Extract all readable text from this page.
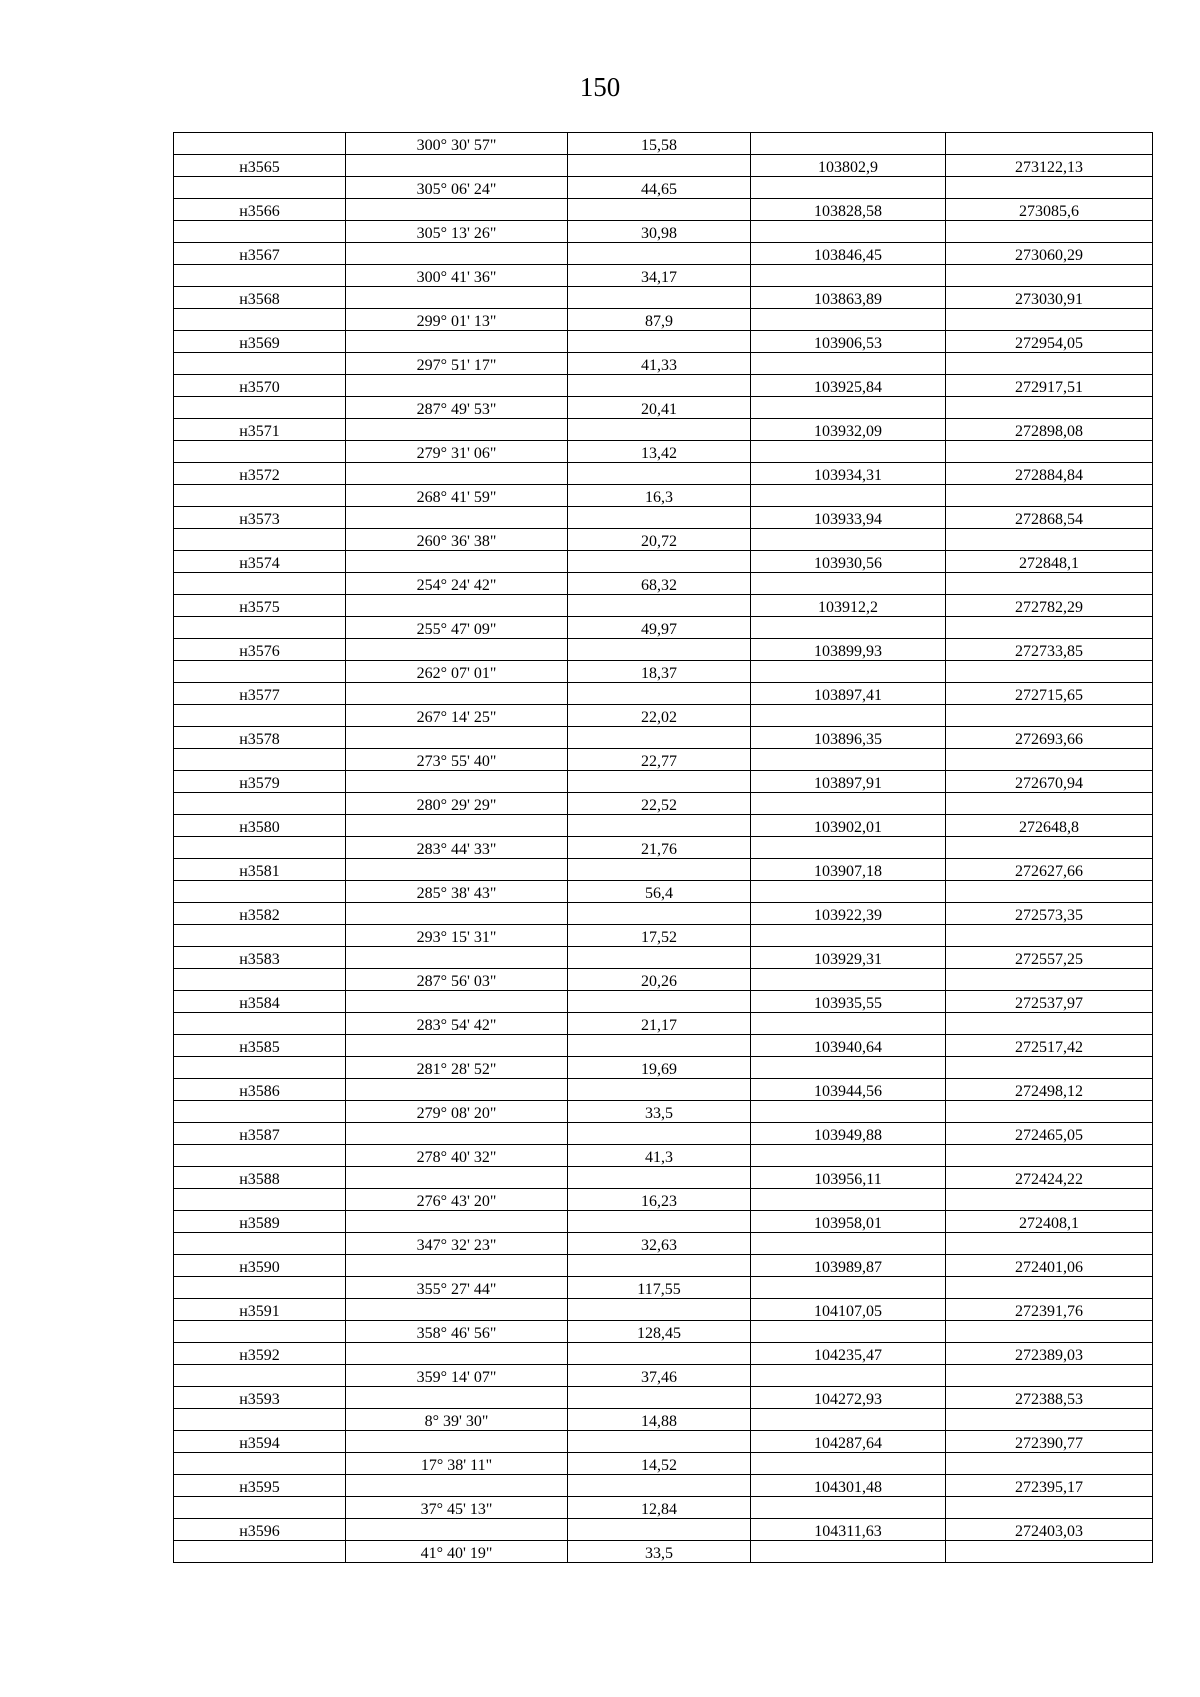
150
	300° 30' 57"	15,58		
н3565			103802,9	273122,13
	305° 06' 24"	44,65		
н3566			103828,58	273085,6
	305° 13' 26"	30,98		
н3567			103846,45	273060,29
	300° 41' 36"	34,17		
н3568			103863,89	273030,91
	299° 01' 13"	87,9		
н3569			103906,53	272954,05
	297° 51' 17"	41,33		
н3570			103925,84	272917,51
	287° 49' 53"	20,41		
н3571			103932,09	272898,08
	279° 31' 06"	13,42		
н3572			103934,31	272884,84
	268° 41' 59"	16,3		
н3573			103933,94	272868,54
	260° 36' 38"	20,72		
н3574			103930,56	272848,1
	254° 24' 42"	68,32		
н3575			103912,2	272782,29
	255° 47' 09"	49,97		
н3576			103899,93	272733,85
	262° 07' 01"	18,37		
н3577			103897,41	272715,65
	267° 14' 25"	22,02		
н3578			103896,35	272693,66
	273° 55' 40"	22,77		
н3579			103897,91	272670,94
	280° 29' 29"	22,52		
н3580			103902,01	272648,8
	283° 44' 33"	21,76		
н3581			103907,18	272627,66
	285° 38' 43"	56,4		
н3582			103922,39	272573,35
	293° 15' 31"	17,52		
н3583			103929,31	272557,25
	287° 56' 03"	20,26		
н3584			103935,55	272537,97
	283° 54' 42"	21,17		
н3585			103940,64	272517,42
	281° 28' 52"	19,69		
н3586			103944,56	272498,12
	279° 08' 20"	33,5		
н3587			103949,88	272465,05
	278° 40' 32"	41,3		
н3588			103956,11	272424,22
	276° 43' 20"	16,23		
н3589			103958,01	272408,1
	347° 32' 23"	32,63		
н3590			103989,87	272401,06
	355° 27' 44"	117,55		
н3591			104107,05	272391,76
	358° 46' 56"	128,45		
н3592			104235,47	272389,03
	359° 14' 07"	37,46		
н3593			104272,93	272388,53
	8° 39' 30"	14,88		
н3594			104287,64	272390,77
	17° 38' 11"	14,52		
н3595			104301,48	272395,17
	37° 45' 13"	12,84		
н3596			104311,63	272403,03
	41° 40' 19"	33,5		
